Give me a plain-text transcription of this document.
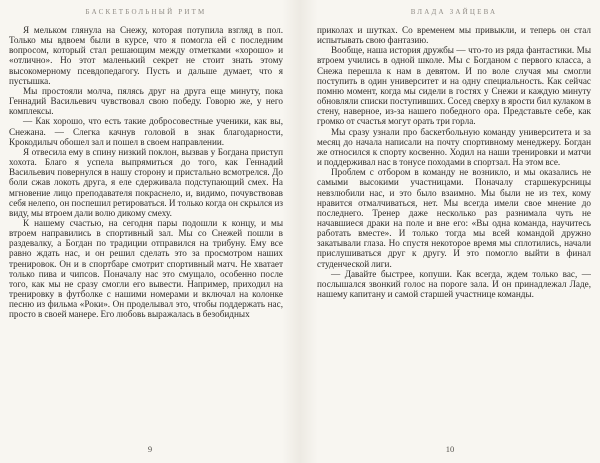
БАСКЕТБОЛЬНЫЙ РИТМ

Я мельком глянула на Снежу, которая потупила взгляд в пол. Только мы вдвоем были в курсе, что я помогла ей с последним вопросом, который стал решающим между отметками «хорошо» и «отлично». Но этот маленький секрет не стоит знать этому высокомерному псевдопедагогу. Пусть и дальше думает, что я пустышка.

Мы простояли молча, пялясь друг на друга еще минуту, пока Геннадий Васильевич чувствовал свою победу. Говорю же, у него комплексы.

— Как хорошо, что есть такие добросовестные ученики, как вы, Снежана. — Слегка качнув головой в знак благодарности, Крокодилыч обошел зал и пошел в своем направлении.

Я отвесила ему в спину низкий поклон, вызвав у Богдана приступ хохота. Благо я успела выпрямиться до того, как Геннадий Васильевич повернулся в нашу сторону и пристально всмотрелся. До боли сжав локоть друга, я еле сдерживала подступающий смех. На мгновение лицо преподавателя покраснело, и, видимо, почувствовав себя нелепо, он поспешил ретироваться. И только когда он скрылся из виду, мы втроем дали волю дикому смеху.

К нашему счастью, на сегодня пары подошли к концу, и мы втроем направились в спортивный зал. Мы со Снежей пошли в раздевалку, а Богдан по традиции отправился на трибуну. Ему все равно ждать нас, и он решил сделать это за просмотром наших тренировок. Он и в спортбаре смотрит спортивный матч. Не хватает только пива и чипсов. Поначалу нас это смущало, особенно после того, как мы не сразу смогли его вывести. Например, приходил на тренировку в футболке с нашими номерами и включал на колонке песню из фильма «Роки». Он проделывал это, чтобы поддержать нас, просто в своей манере. Его любовь выражалась в безобидных

9
ВЛАДА ЗАЙЦЕВА

приколах и шутках. Со временем мы привыкли, и теперь он стал испытывать свою фантазию.

Вообще, наша история дружбы — что-то из ряда фантастики. Мы втроем учились в одной школе. Мы с Богданом с первого класса, а Снежа перешла к нам в девятом. И по воле случая мы смогли поступить в один университет и на одну специальность. Как сейчас помню момент, когда мы сидели в гостях у Снежи и каждую минуту обновляли списки поступивших. Сосед сверху в ярости бил кулаком в стену, наверное, из-за нашего победного ора. Представьте себе, как громко от счастья могут орать три горла.

Мы сразу узнали про баскетбольную команду университета и за месяц до начала написали на почту спортивному менеджеру. Богдан же относился к спорту косвенно. Ходил на наши тренировки и матчи и поддерживал нас в тонусе походами в спортзал. На этом все.

Проблем с отбором в команду не возникло, и мы оказались не самыми высокими участницами. Поначалу старшекурсницы невзлюбили нас, и это было взаимно. Мы были не из тех, кому нравится отмалчиваться, нет. Мы всегда имели свое мнение до последнего. Тренер даже несколько раз разнимала чуть не начавшиеся драки на поле и вне его: «Вы одна команда, научитесь работать вместе». И только тогда мы всей командой дружно закатывали глаза. Но спустя некоторое время мы сплотились, начали прислушиваться друг к другу. И это помогло выйти в финал студенческой лиги.

— Давайте быстрее, копуши. Как всегда, ждем только вас, — послышался звонкий голос на пороге зала. И он принадлежал Ладе, нашему капитану и самой старшей участнице команды.

10
